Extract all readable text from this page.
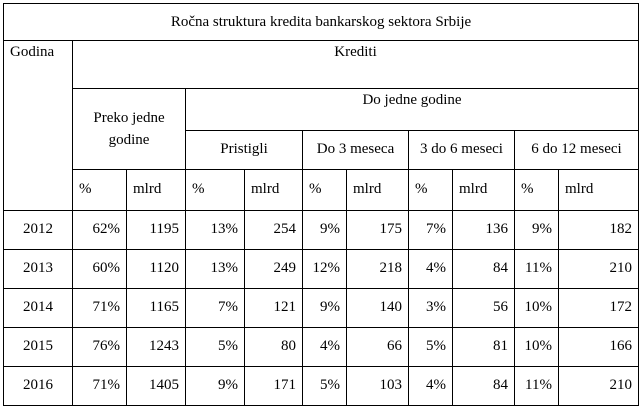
Ročna struktura kredita bankarskog sektora Srbije										
Godina	Krediti									
	Preko jedne godine		Do jedne godine							
			Pristigli		Do 3 meseca		3 do 6 meseci		6 do 12 meseci	
	%	mlrd	%	mlrd	%	mlrd	%	mlrd	%	mlrd
2012	62%	1195	13%	254	9%	175	7%	136	9%	182
2013	60%	1120	13%	249	12%	218	4%	84	11%	210
2014	71%	1165	7%	121	9%	140	3%	56	10%	172
2015	76%	1243	5%	80	4%	66	5%	81	10%	166
2016	71%	1405	9%	171	5%	103	4%	84	11%	210
